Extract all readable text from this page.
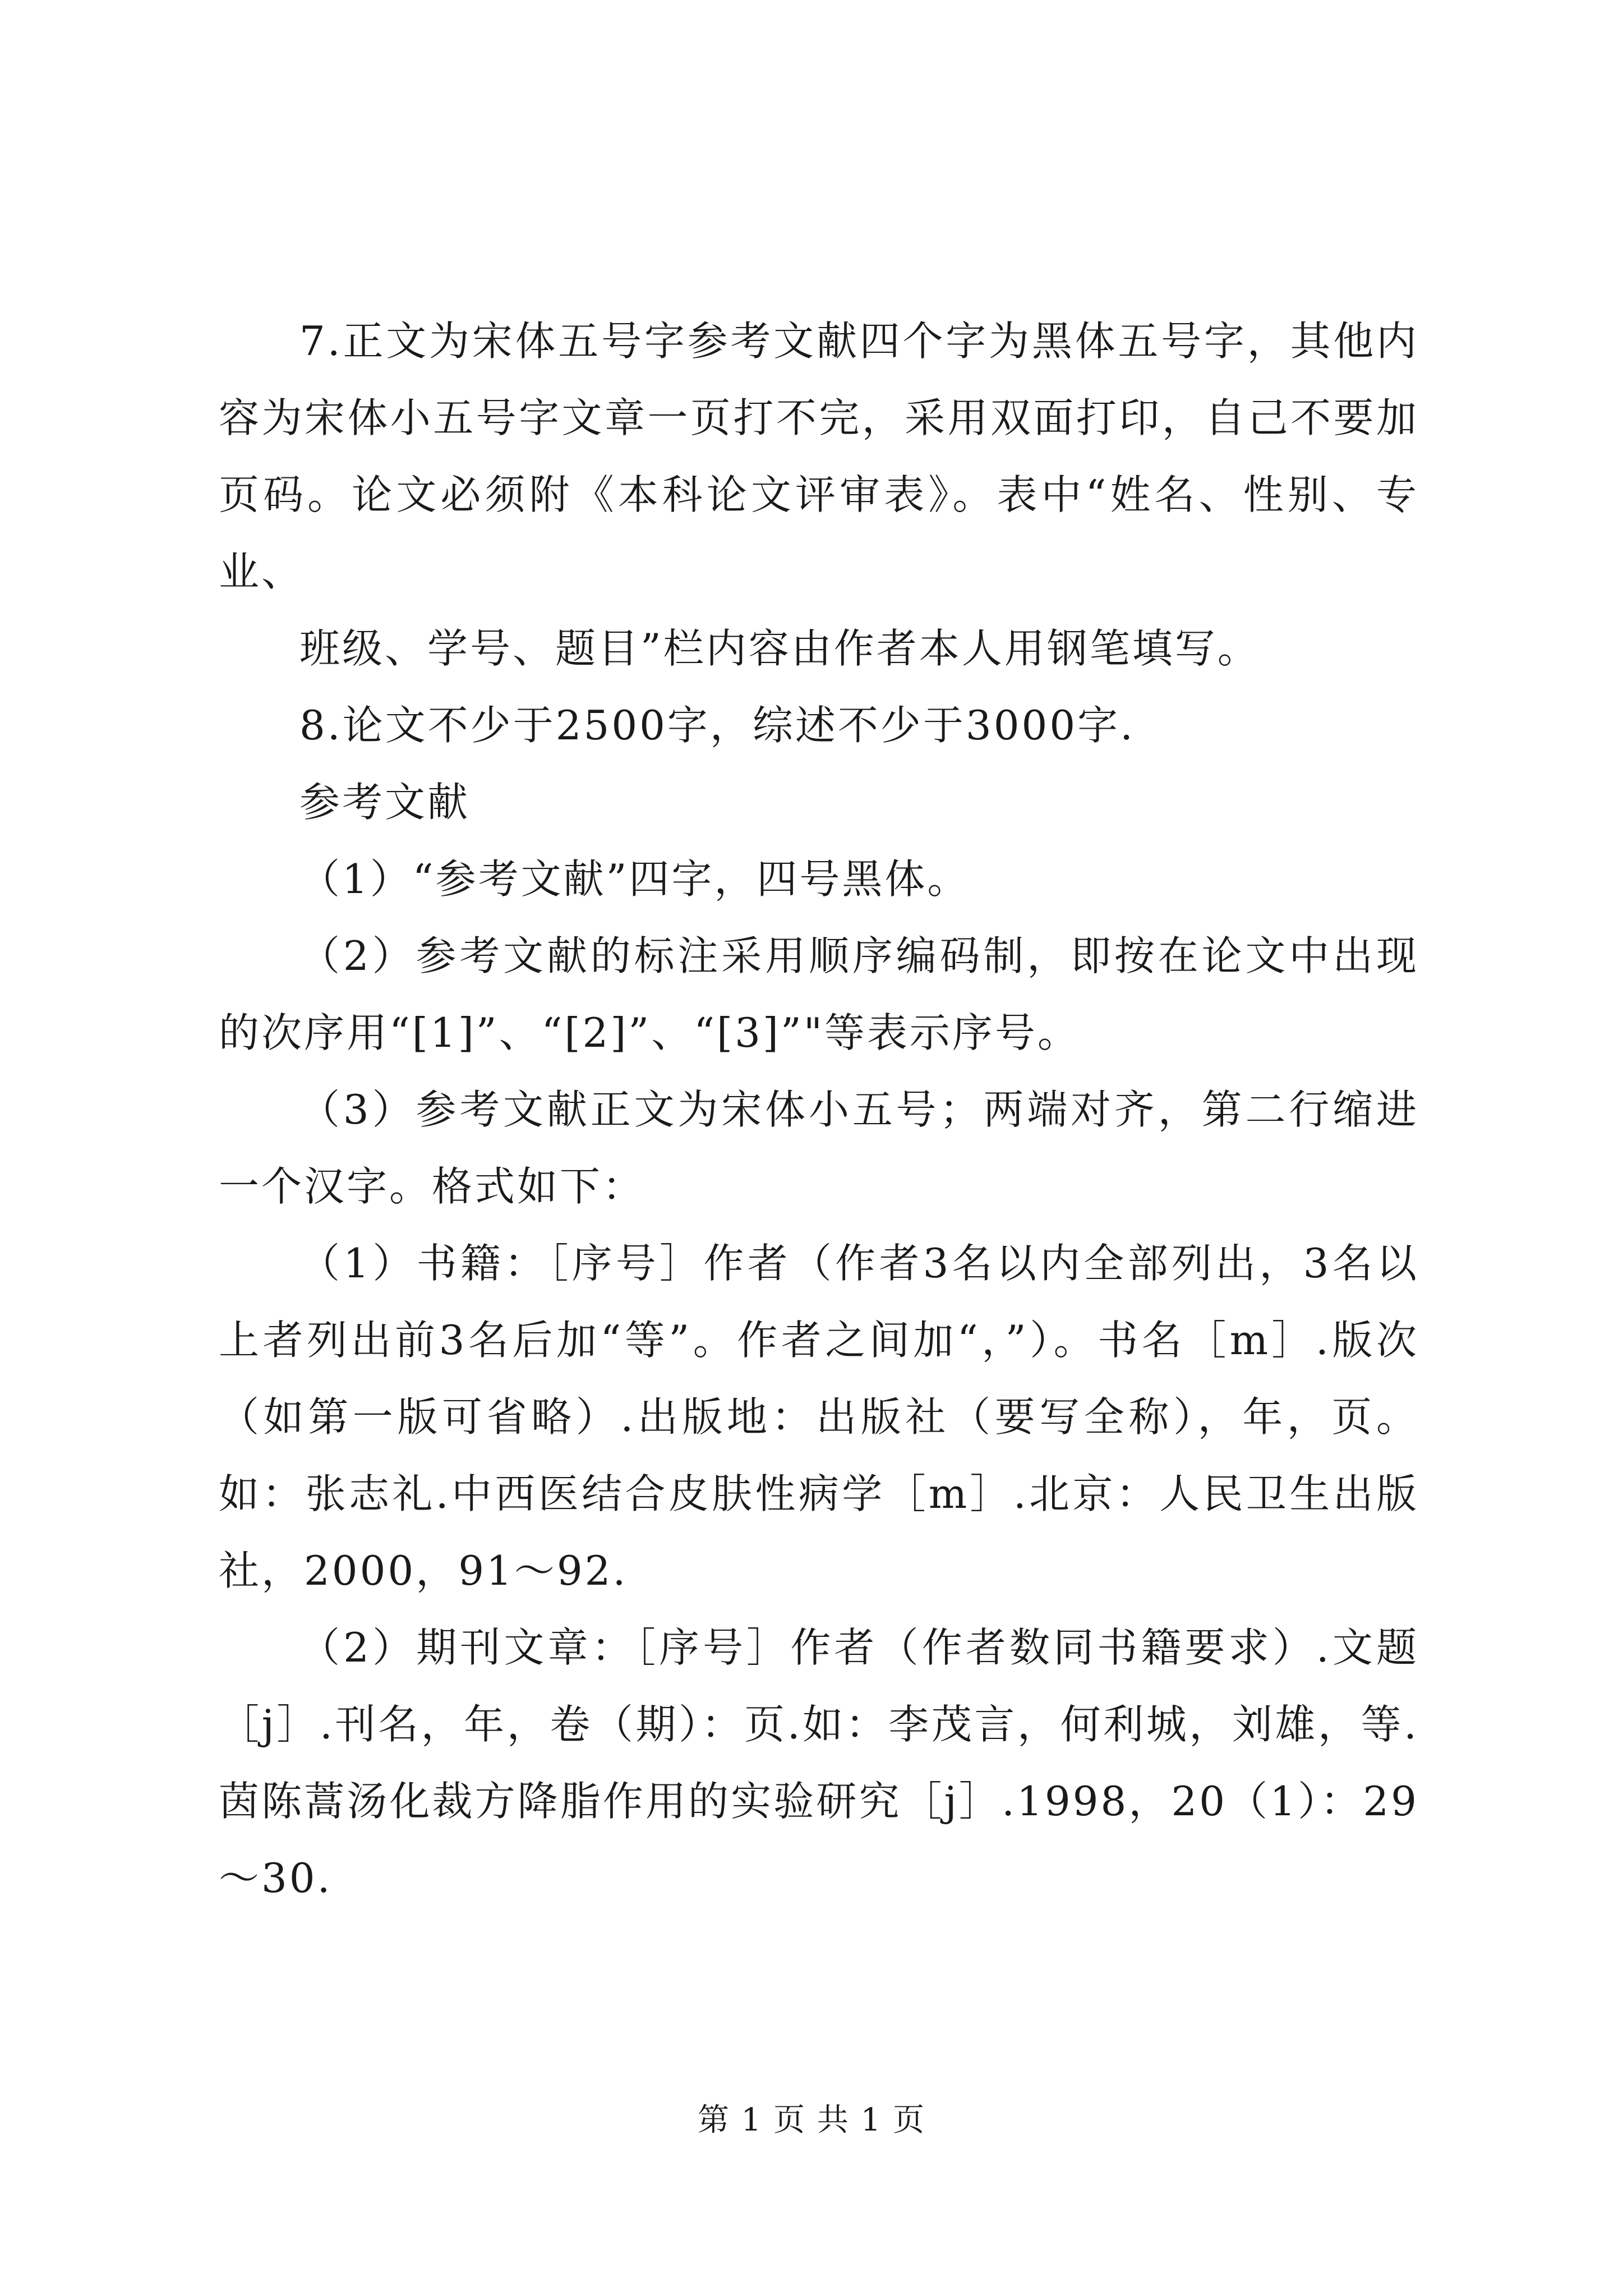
7.正文为宋体五号字参考文献四个字为黑体五号字，其他内容为宋体小五号字文章一页打不完，采用双面打印，自己不要加页码。论文必须附《本科论文评审表》。表中“姓名、性别、专业、

班级、学号、题目”栏内容由作者本人用钢笔填写。

8.论文不少于2500字，综述不少于3000字.

参考文献

（1）“参考文献”四字，四号黑体。

（2）参考文献的标注采用顺序编码制，即按在论文中出现的次序用“[1]”、“[2]”、“[3]”"等表示序号。

（3）参考文献正文为宋体小五号；两端对齐，第二行缩进一个汉字。格式如下：

（1）书籍：［序号］作者（作者3名以内全部列出，3名以上者列出前3名后加“等”。作者之间加“，”）。书名［m］.版次（如第一版可省略）.出版地：出版社（要写全称），年，页。如：张志礼.中西医结合皮肤性病学［m］.北京：人民卫生出版社，2000，91～92.

（2）期刊文章：［序号］作者（作者数同书籍要求）.文题［j］.刊名，年，卷（期）：页.如：李茂言，何利城，刘雄，等.茵陈蒿汤化裁方降脂作用的实验研究［j］.1998，20（1）：29～30.

第 1 页 共 1 页
